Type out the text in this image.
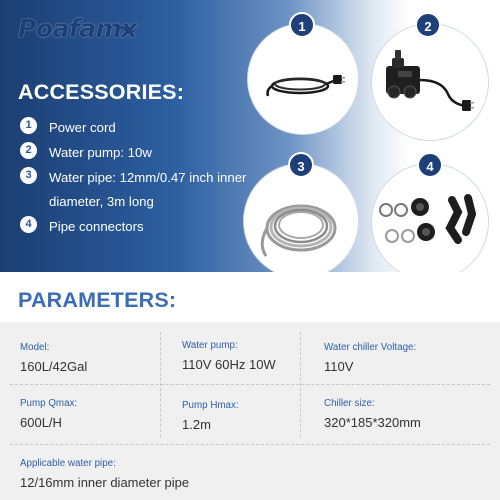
Poafamx
ACCESSORIES:
1	Power cord
2	Water pump: 10w
3	Water pipe: 12mm/0.47 inch inner diameter, 3m long
4	Pipe connectors
1	2
3	4
PARAMETERS:
Model:
160L/42Gal
Water pump:
110V 60Hz 10W
Water chiller Voltage:
110V
Pump Qmax:
600L/H
Pump Hmax:
1.2m
Chiller size:
320*185*320mm
Applicable water pipe:
12/16mm inner diameter pipe
